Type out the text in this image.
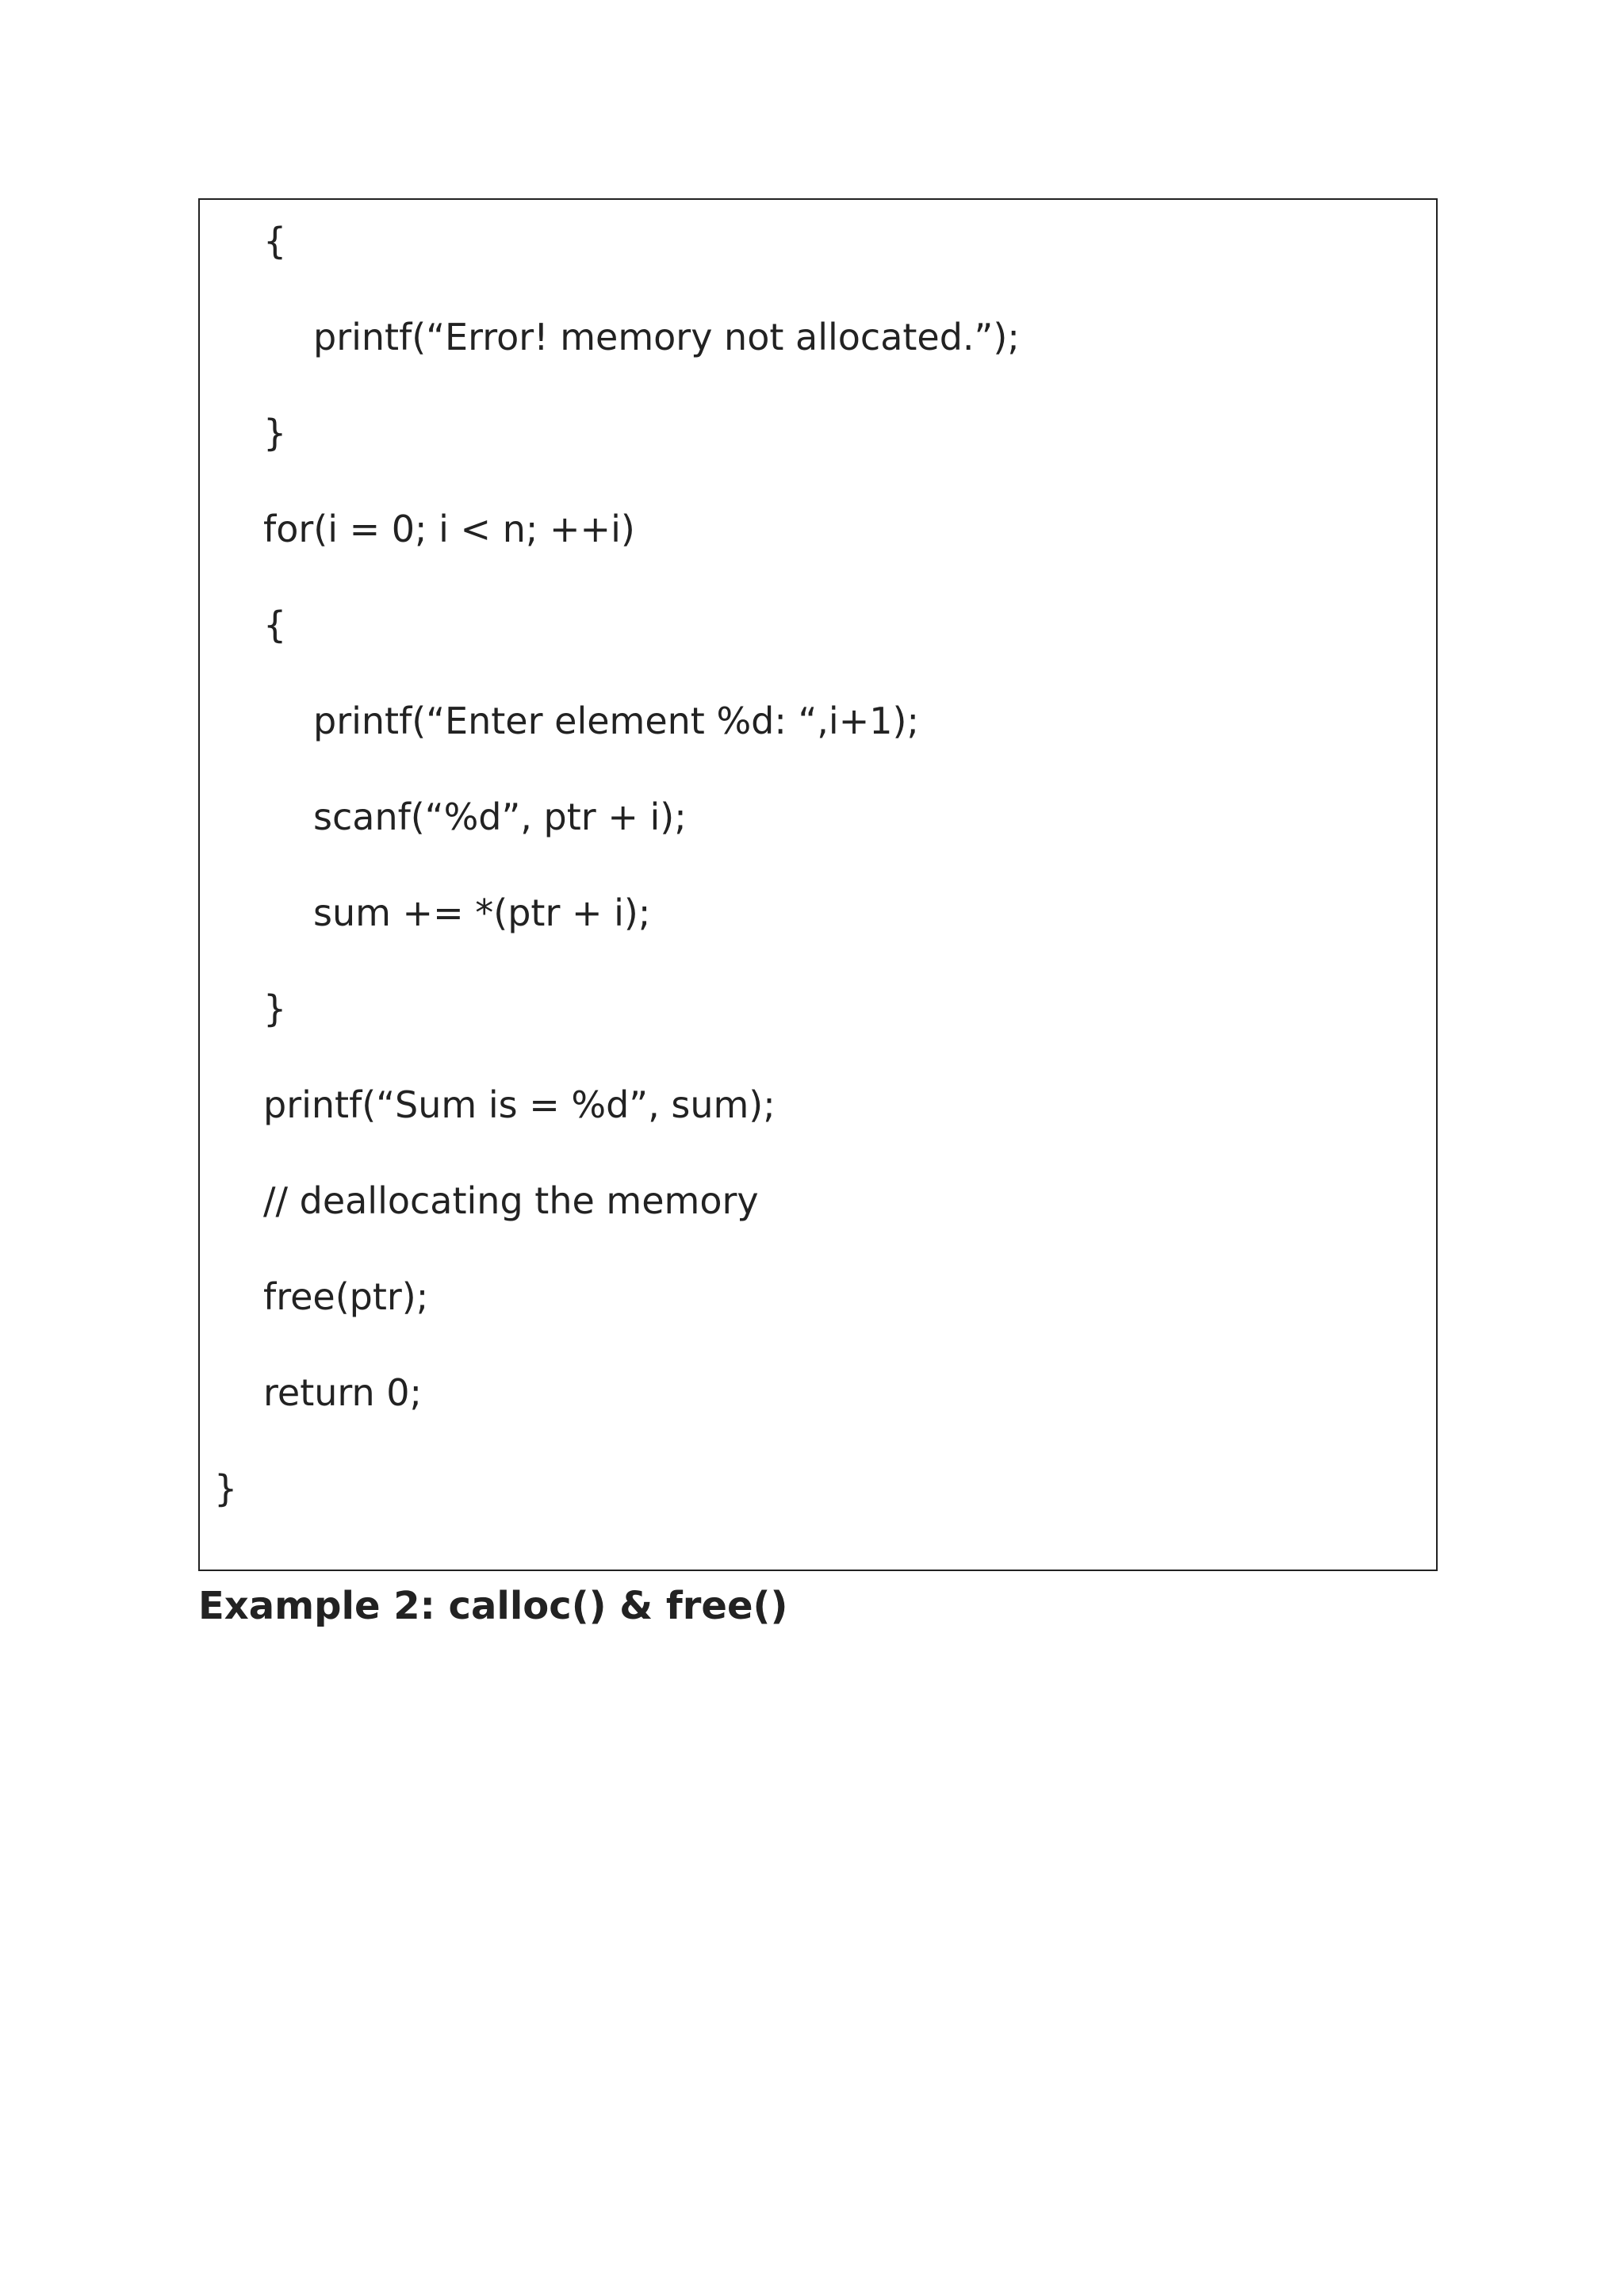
{

printf(“Error! memory not allocated.”);

}

for(i = 0; i < n; ++i)

{

printf(“Enter element %d: “,i+1);

scanf(“%d”, ptr + i);

sum += *(ptr + i);

}

printf(“Sum is = %d”, sum);

// deallocating the memory

free(ptr);

return 0;

}

Example 2: calloc() & free()
